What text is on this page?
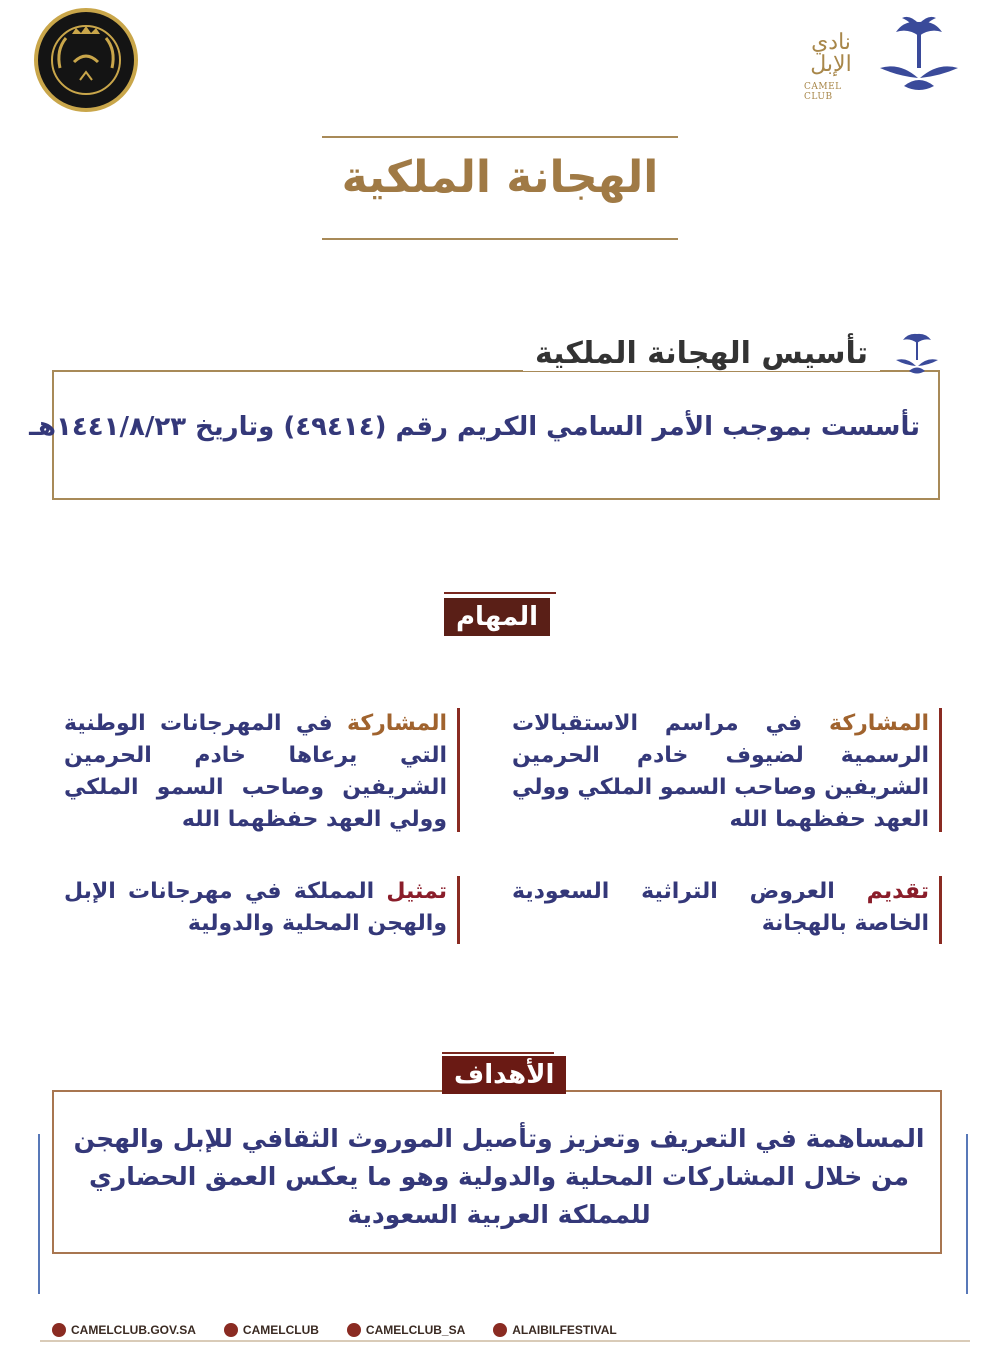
نادي الإبل
CAMEL CLUB
الهجانة الملكية
تأسيس الهجانة الملكية
تأسست بموجب الأمر السامي الكريم رقم (٤٩٤١٤) وتاريخ ١٤٤١/٨/٢٣هـ
المهام
المشاركة في مراسم الاستقبالات الرسمية لضيوف خادم الحرمين الشريفين وصاحب السمو الملكي وولي العهد حفظهما الله
المشاركة في المهرجانات الوطنية التي يرعاها خادم الحرمين الشريفين وصاحب السمو الملكي وولي العهد حفظهما الله
تقديم العروض التراثية السعودية الخاصة بالهجانة
تمثيل المملكة في مهرجانات الإبل والهجن المحلية والدولية
الأهداف
المساهمة في التعريف وتعزيز وتأصيل الموروث الثقافي للإبل والهجن من خلال المشاركات المحلية والدولية وهو ما يعكس العمق الحضاري للمملكة العربية السعودية
CAMELCLUB.GOV.SA	CAMELCLUB	CAMELCLUB_SA	ALAIBILFESTIVAL
